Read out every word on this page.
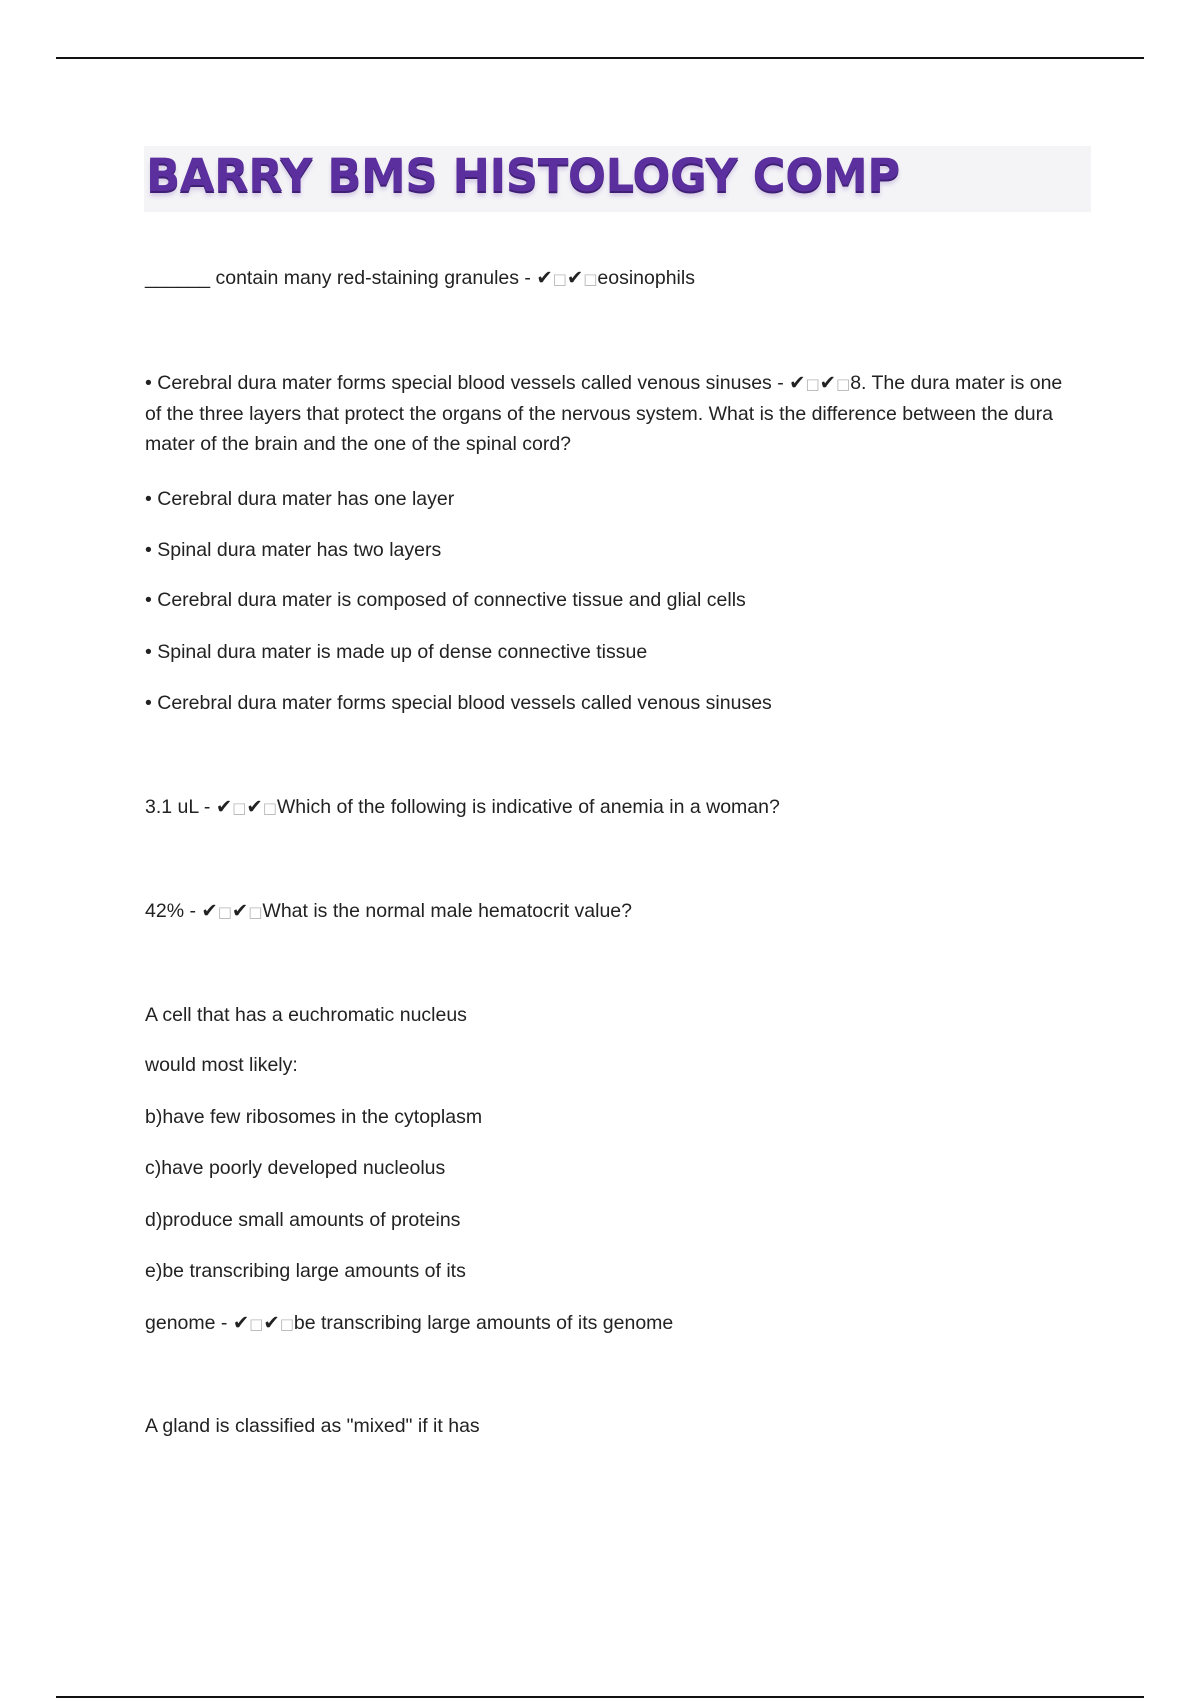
BARRY BMS HISTOLOGY COMP
______ contain many red-staining granules - ✔□✔□eosinophils
• Cerebral dura mater forms special blood vessels called venous sinuses - ✔□✔□8. The dura mater is one of the three layers that protect the organs of the nervous system. What is the difference between the dura mater of the brain and the one of the spinal cord?
• Cerebral dura mater has one layer
• Spinal dura mater has two layers
• Cerebral dura mater is composed of connective tissue and glial cells
• Spinal dura mater is made up of dense connective tissue
• Cerebral dura mater forms special blood vessels called venous sinuses
3.1 uL - ✔□✔□Which of the following is indicative of anemia in a woman?
42% - ✔□✔□What is the normal male hematocrit value?
A cell that has a euchromatic nucleus
would most likely:
b)have few ribosomes in the cytoplasm
c)have poorly developed nucleolus
d)produce small amounts of proteins
e)be transcribing large amounts of its
genome - ✔□✔□be transcribing large amounts of its genome
A gland is classified as "mixed" if it has
